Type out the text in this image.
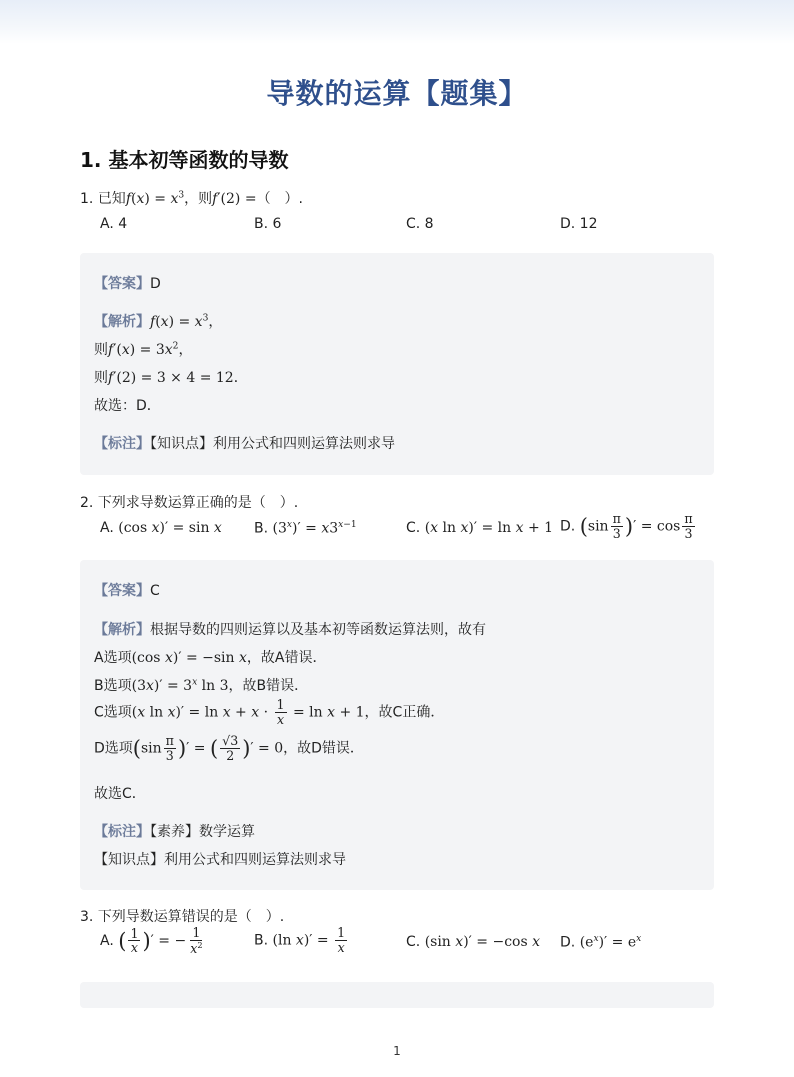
导数的运算【题集】
1. 基本初等函数的导数
1. 已知$f(x) = x^3$，则f′(2) =（　）.
A. 4	B. 6	C. 8	D. 12
【答案】D
【解析】$f(x) = x^3$，
则$f'(x) = 3x^2$，
则f′(2) = 3 × 4 = 12．
故选：D．
【标注】【知识点】利用公式和四则运算法则求导
2. 下列求导数运算正确的是（　）.
A. (cos x)′ = sin x B. $(3^x)' = x3^{x-1}$	C. (x ln x)′ = ln x + 1 D. ($\sin \frac{\pi}{3}$ )′ = $\cos \frac{\pi}{3}$
【答案】C
【解析】根据导数的四则运算以及基本初等函数运算法则，故有
A选项(cos x)′ = −sin x，故A错误．
B选项$(3x)' = 3^x$ ln 3，故B错误．
C选项(x $\ln x)' = \ln x + x \cdot \frac{1}{x} = \ln x + 1$，故C正确．
D选项($\sin \frac{\pi}{3}$ )′ = ( $\frac{√3}{2}$ )′ = 0，故D错误．
故选C．
【标注】【素养】数学运算
【知识点】利用公式和四则运算法则求导
3. 下列导数运算错误的是（　）.
A. ( $\frac{1}{x}$ )′ = − $\frac{1}{x^2}$	B. (ln $x)' = \frac{1}{x}$	C. (sin x)′ = −cos x D. $(e^x)' = e^x$
1
